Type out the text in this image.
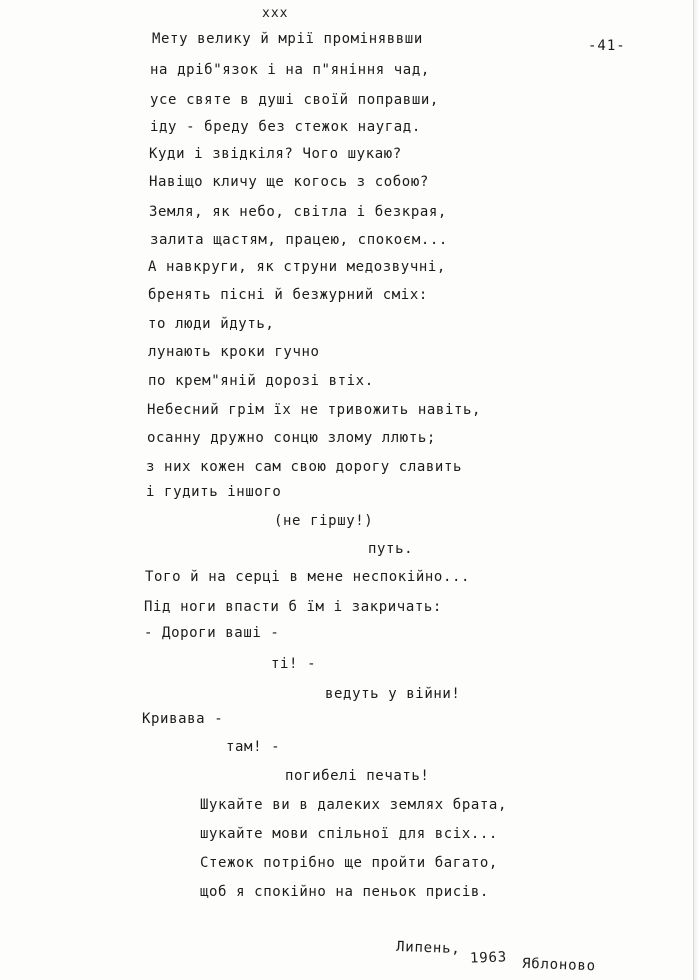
xxx
-41-
Мету велику й мрії проміняввши
на дріб"язок і на п"яніння чад,
усе святе в душі своїй поправши,
іду - бреду без стежок наугад.
Куди і звідкіля? Чого шукаю?
Навіщо кличу ще когось з собою?
Земля, як небо, світла і безкрая,
залита щастям, працею, спокоєм...
А навкруги, як струни медозвучні,
бренять пісні й безжурний сміх:
то люди йдуть,
лунають кроки гучно
по крем"яній дорозі втіх.
Небесний грім їх не тривожить навіть,
осанну дружно сонцю злому ллють;
з них кожен сам свою дорогу славить
і гудить іншого
(не гіршу!)
путь.
Того й на серці в мене неспокійно...
Під ноги впасти б їм і закричать:
- Дороги ваші -
ті! -
ведуть у війни!
Кривава -
там! -
погибелі печать!
Шукайте ви в далеких землях брата,
шукайте мови спільної для всіх...
Стежок потрібно ще пройти багато,
щоб я спокійно на пеньок присів.
Липень,
1963 Яблоново
